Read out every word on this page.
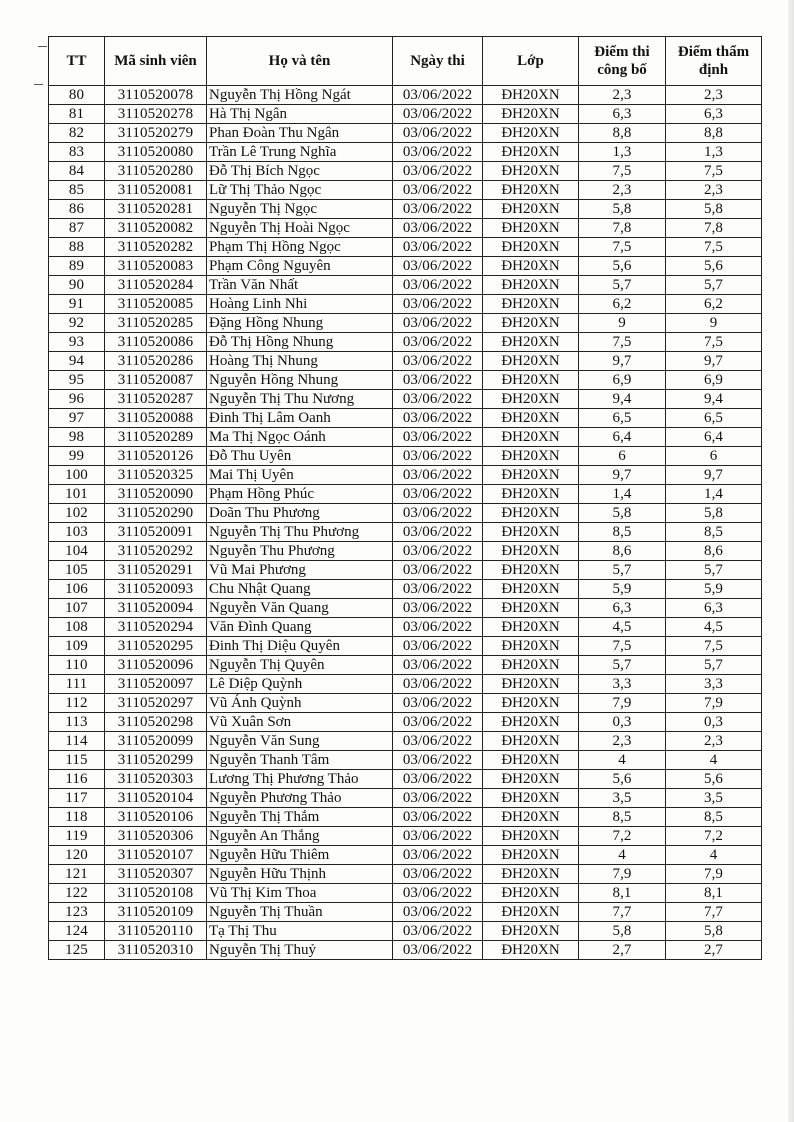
TT	Mã sinh viên	Họ và tên	Ngày thi	Lớp	Điểm thi công bố	Điểm thẩm định
80	3110520078	Nguyễn Thị Hồng Ngát	03/06/2022	ĐH20XN	2,3	2,3
81	3110520278	Hà Thị Ngân	03/06/2022	ĐH20XN	6,3	6,3
82	3110520279	Phan Đoàn Thu Ngân	03/06/2022	ĐH20XN	8,8	8,8
83	3110520080	Trần Lê Trung Nghĩa	03/06/2022	ĐH20XN	1,3	1,3
84	3110520280	Đỗ Thị Bích Ngọc	03/06/2022	ĐH20XN	7,5	7,5
85	3110520081	Lữ Thị Thảo Ngọc	03/06/2022	ĐH20XN	2,3	2,3
86	3110520281	Nguyễn Thị Ngọc	03/06/2022	ĐH20XN	5,8	5,8
87	3110520082	Nguyễn Thị Hoài Ngọc	03/06/2022	ĐH20XN	7,8	7,8
88	3110520282	Phạm Thị Hồng Ngọc	03/06/2022	ĐH20XN	7,5	7,5
89	3110520083	Phạm Công Nguyên	03/06/2022	ĐH20XN	5,6	5,6
90	3110520284	Trần Văn Nhất	03/06/2022	ĐH20XN	5,7	5,7
91	3110520085	Hoàng Linh Nhi	03/06/2022	ĐH20XN	6,2	6,2
92	3110520285	Đặng Hồng Nhung	03/06/2022	ĐH20XN	9	9
93	3110520086	Đỗ Thị Hồng Nhung	03/06/2022	ĐH20XN	7,5	7,5
94	3110520286	Hoàng Thị Nhung	03/06/2022	ĐH20XN	9,7	9,7
95	3110520087	Nguyễn Hồng Nhung	03/06/2022	ĐH20XN	6,9	6,9
96	3110520287	Nguyễn Thị Thu Nương	03/06/2022	ĐH20XN	9,4	9,4
97	3110520088	Đinh Thị Lâm Oanh	03/06/2022	ĐH20XN	6,5	6,5
98	3110520289	Ma Thị Ngọc Oánh	03/06/2022	ĐH20XN	6,4	6,4
99	3110520126	Đỗ Thu Uyên	03/06/2022	ĐH20XN	6	6
100	3110520325	Mai Thị Uyên	03/06/2022	ĐH20XN	9,7	9,7
101	3110520090	Phạm Hồng Phúc	03/06/2022	ĐH20XN	1,4	1,4
102	3110520290	Doãn Thu Phương	03/06/2022	ĐH20XN	5,8	5,8
103	3110520091	Nguyễn Thị Thu Phương	03/06/2022	ĐH20XN	8,5	8,5
104	3110520292	Nguyễn Thu Phương	03/06/2022	ĐH20XN	8,6	8,6
105	3110520291	Vũ Mai Phương	03/06/2022	ĐH20XN	5,7	5,7
106	3110520093	Chu Nhật Quang	03/06/2022	ĐH20XN	5,9	5,9
107	3110520094	Nguyễn Văn Quang	03/06/2022	ĐH20XN	6,3	6,3
108	3110520294	Văn Đình Quang	03/06/2022	ĐH20XN	4,5	4,5
109	3110520295	Đinh Thị Diệu Quyên	03/06/2022	ĐH20XN	7,5	7,5
110	3110520096	Nguyễn Thị Quyên	03/06/2022	ĐH20XN	5,7	5,7
111	3110520097	Lê Diệp Quỳnh	03/06/2022	ĐH20XN	3,3	3,3
112	3110520297	Vũ Ánh Quỳnh	03/06/2022	ĐH20XN	7,9	7,9
113	3110520298	Vũ Xuân Sơn	03/06/2022	ĐH20XN	0,3	0,3
114	3110520099	Nguyễn Văn Sung	03/06/2022	ĐH20XN	2,3	2,3
115	3110520299	Nguyễn Thanh Tâm	03/06/2022	ĐH20XN	4	4
116	3110520303	Lương Thị Phương Thảo	03/06/2022	ĐH20XN	5,6	5,6
117	3110520104	Nguyễn Phương Thảo	03/06/2022	ĐH20XN	3,5	3,5
118	3110520106	Nguyễn Thị Thắm	03/06/2022	ĐH20XN	8,5	8,5
119	3110520306	Nguyễn An Thắng	03/06/2022	ĐH20XN	7,2	7,2
120	3110520107	Nguyễn Hữu Thiêm	03/06/2022	ĐH20XN	4	4
121	3110520307	Nguyễn Hữu Thịnh	03/06/2022	ĐH20XN	7,9	7,9
122	3110520108	Vũ Thị Kim Thoa	03/06/2022	ĐH20XN	8,1	8,1
123	3110520109	Nguyễn Thị Thuần	03/06/2022	ĐH20XN	7,7	7,7
124	3110520110	Tạ Thị Thu	03/06/2022	ĐH20XN	5,8	5,8
125	3110520310	Nguyễn Thị Thuỷ	03/06/2022	ĐH20XN	2,7	2,7
